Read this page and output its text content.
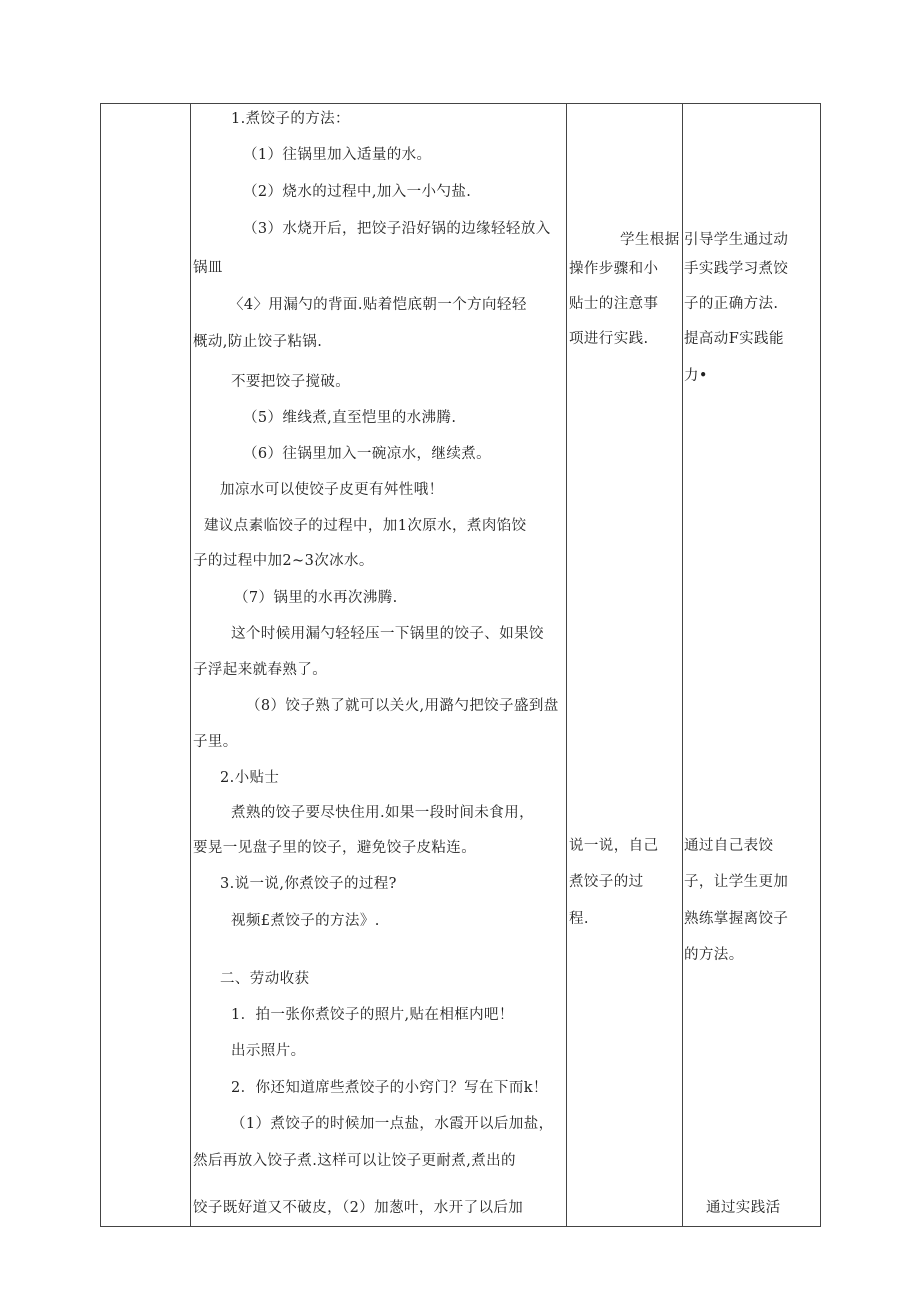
1.煮饺子的方法：
（1）往锅里加入适量的水。
（2）烧水的过程中,加入一小勺盐.
（3）水烧开后，把饺子沿好锅的边缘轻轻放入
锅皿
〈4〉用漏勺的背面.贴着恺底朝一个方向轻轻
概动,防止饺子粘锅.
不要把饺子搅破。
（5）维线煮,直至恺里的水沸腾.
（6）往锅里加入一碗凉水，继续煮。
加凉水可以使饺子皮更有舛性哦！
建议点素临饺子的过程中，加1次原水，煮肉馅饺
子的过程中加2~3次冰水。
（7）锅里的水再次沸腾.
这个时候用漏勺轻轻压一下锅里的饺子、如果饺
子浮起来就春熟了。
（8）饺子熟了就可以关火,用潞勺把饺子盛到盘
子里。
2.小贴士
煮熟的饺子要尽快住用.如果一段时间未食用，
要晃一见盘子里的饺子，避免饺子皮粘连。
3.说一说,你煮饺子的过程?
视频£煮饺子的方法》.
二、劳动收获
1．拍一张你煮饺子的照片,贴在相框内吧！
出示照片。
2．你还知道席些煮饺子的小窍门？写在下而k！
（1）煮饺子的时候加一点盐，水霞开以后加盐，
然后再放入饺子煮.这样可以让饺子更耐煮,煮出的
饺子既好道又不破皮，（2）加葱叶，水开了以后加
学生根据
操作步骤和小
贴士的注意事
项进行实践.
说一说，自己
煮饺子的过
程.
引导学生通过动
手实践学习煮饺
子的正确方法.
提高动F实践能
力•
通过自己表饺
子，让学生更加
熟练掌握离饺子
的方法。
通过实践活
